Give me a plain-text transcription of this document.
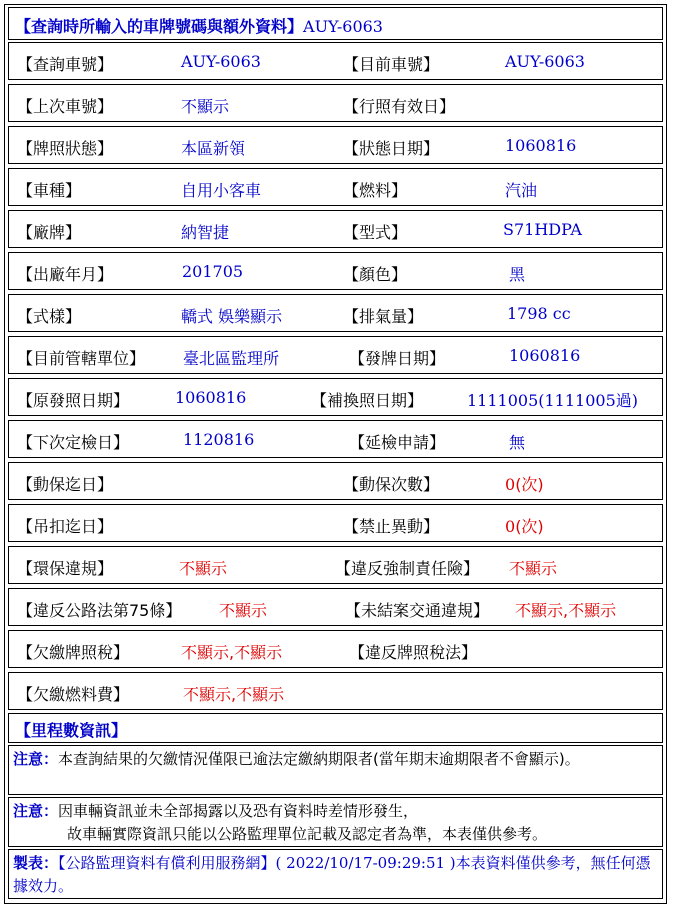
【查詢時所輸入的車牌號碼與額外資料】AUY-6063
【查詢車號】	AUY-6063	【目前車號】	AUY-6063
【上次車號】	不顯示	【行照有效日】
【牌照狀態】	本區新領	【狀態日期】	1060816
【車種】	自用小客車	【燃料】	汽油
【廠牌】	納智捷	【型式】	S71HDPA
【出廠年月】	201705	【顏色】	黑
【式樣】	轎式 娛樂顯示	【排氣量】	1798 cc
【目前管轄單位】 臺北區監理所	【發牌日期】	1060816
【原發照日期】	1060816	【補換照日期】	1111005(1111005過)
【下次定檢日】	1120816	【延檢申請】	無
【動保迄日】	【動保次數】	0(次)
【吊扣迄日】	【禁止異動】	0(次)
【環保違規】	不顯示	【違反強制責任險】 不顯示
【違反公路法第75條】 不顯示	【未結案交通違規】 不顯示,不顯示
【欠繳牌照稅】	不顯示,不顯示	【違反牌照稅法】
【欠繳燃料費】	不顯示,不顯示
【里程數資訊】
注意：本查詢結果的欠繳情況僅限已逾法定繳納期限者(當年期末逾期限者不會顯示)。
注意：因車輛資訊並未全部揭露以及恐有資料時差情形發生，
故車輛實際資訊只能以公路監理單位記載及認定者為準，本表僅供參考。
製表：【公路監理資料有償利用服務網】( 2022/10/17-09:29:51 )本表資料僅供參考，無任何憑據效力。
